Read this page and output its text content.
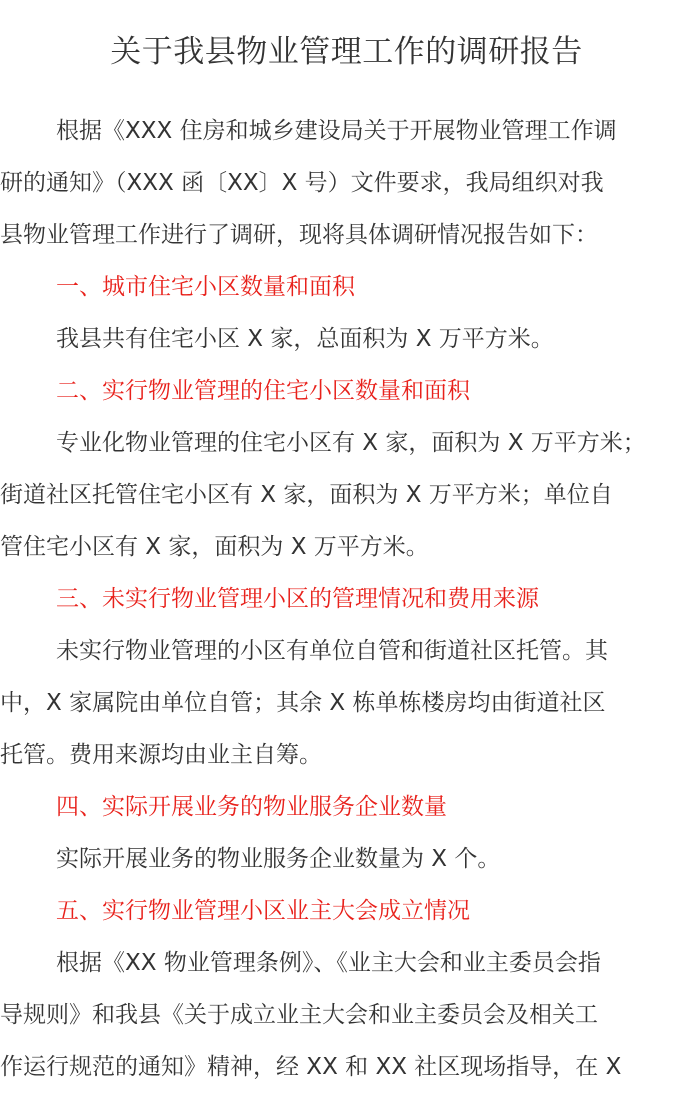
关于我县物业管理工作的调研报告
根据《XXX 住房和城乡建设局关于开展物业管理工作调
研的通知》（XXX 函〔XX〕X 号）文件要求，我局组织对我
县物业管理工作进行了调研，现将具体调研情况报告如下：
一、城市住宅小区数量和面积
我县共有住宅小区 X 家，总面积为 X 万平方米。
二、实行物业管理的住宅小区数量和面积
专业化物业管理的住宅小区有 X 家，面积为 X 万平方米；
街道社区托管住宅小区有 X 家，面积为 X 万平方米；单位自
管住宅小区有 X 家，面积为 X 万平方米。
三、未实行物业管理小区的管理情况和费用来源
未实行物业管理的小区有单位自管和街道社区托管。其
中，X 家属院由单位自管；其余 X 栋单栋楼房均由街道社区
托管。费用来源均由业主自筹。
四、实际开展业务的物业服务企业数量
实际开展业务的物业服务企业数量为 X 个。
五、实行物业管理小区业主大会成立情况
根据《XX 物业管理条例》、《业主大会和业主委员会指
导规则》和我县《关于成立业主大会和业主委员会及相关工
作运行规范的通知》精神，经 XX 和 XX 社区现场指导，在 X
